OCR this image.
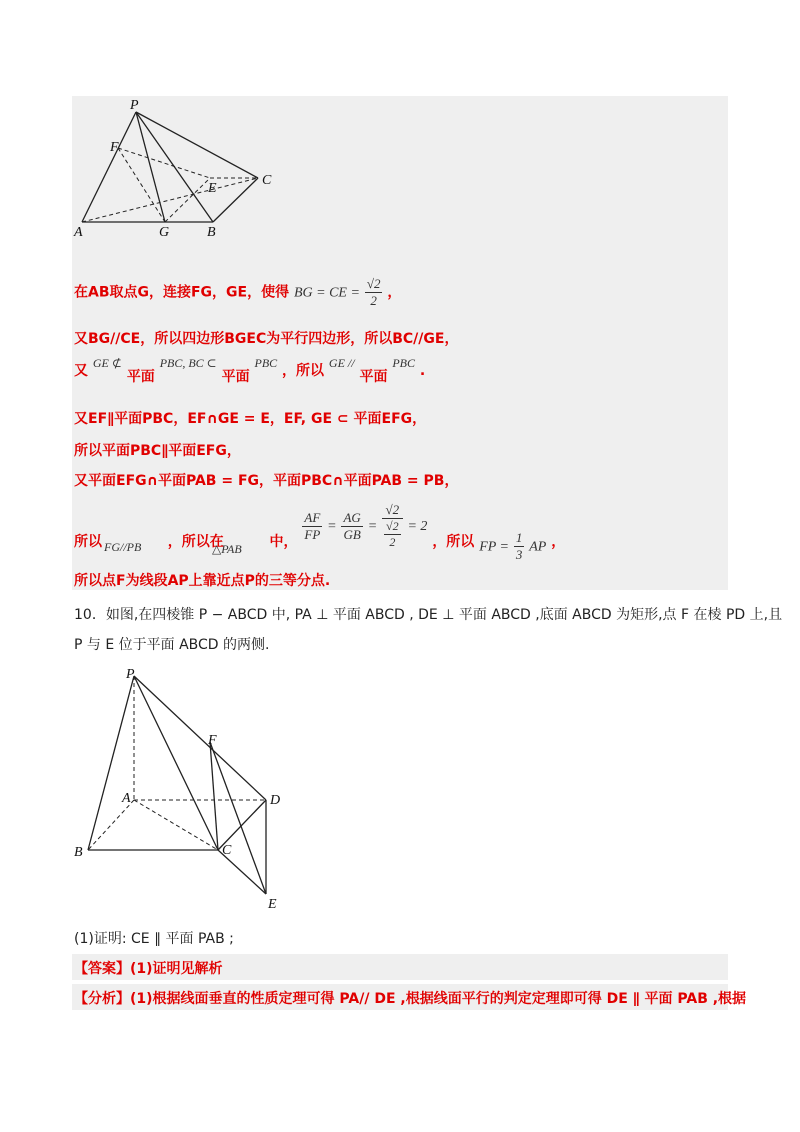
P
F
E
C
A	G	B
在AB取点G，连接FG，GE，使得 BG = CE = $\frac{√2}{2}$ ，
又BG//CE，所以四边形BGEC为平行四边形，所以BC//GE，
又 GE ⊄ 平面 PBC, BC ⊂ 平面 PBC ，所以 GE // 平面 PBC .
又EF∥平面PBC，EF∩GE = E，EF, GE ⊂ 平面EFG，
所以平面PBC∥平面EFG，
又平面EFG∩平面PAB = FG，平面PBC∩平面PAB = PB，
所以	，所以在	中， $\frac{AF}{FP} = \frac{AG}{GB} = \frac{√2}{\frac{√2}{2}} = 2$ ，所以 FP = $\frac{1}{3}$ AP ，
FG//PB	△PAB
所以点F为线段AP上靠近点P的三等分点.
10．如图,在四棱锥 P − ABCD 中, PA ⊥ 平面 ABCD , DE ⊥ 平面 ABCD ,底面 ABCD 为矩形,点 F 在棱 PD 上,且
P 与 E 位于平面 ABCD 的两侧.
P
F
A	D
B	C
E
(1)证明: CE ∥ 平面 PAB ;
【答案】(1)证明见解析
【分析】(1)根据线面垂直的性质定理可得 PA// DE ,根据线面平行的判定定理即可得 DE ∥ 平面 PAB ,根据
